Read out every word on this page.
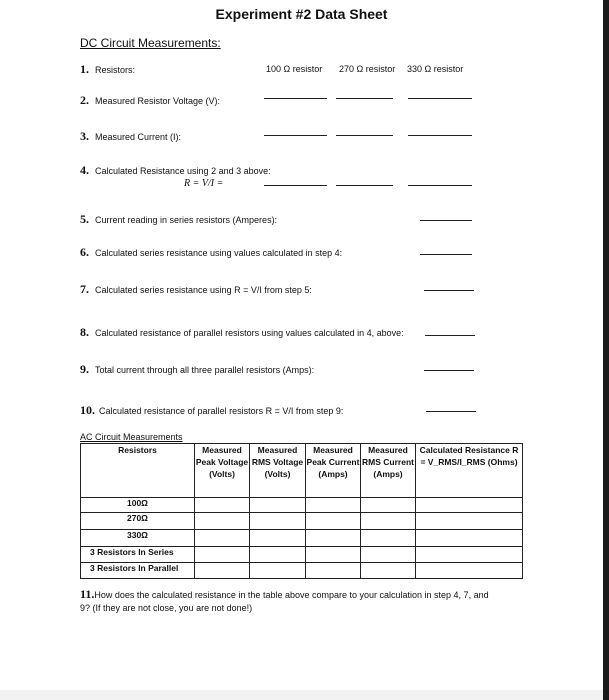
Experiment #2 Data Sheet
DC Circuit Measurements:
1. Resistors:	100 Ω resistor 270 Ω resistor 330 Ω resistor
2. Measured Resistor Voltage (V):
3. Measured Current (I):
4. Calculated Resistance using 2 and 3 above:
R = V/I =
5. Current reading in series resistors (Amperes):
6. Calculated series resistance using values calculated in step 4:
7. Calculated series resistance using R = V/I from step 5:
8. Calculated resistance of parallel resistors using values calculated in 4, above:
9. Total current through all three parallel resistors (Amps):
10. Calculated resistance of parallel resistors R = V/I from step 9:
AC Circuit Measurements
Resistors	Measured Peak Voltage (Volts)	Measured RMS Voltage (Volts)	Measured Peak Current (Amps)	Measured RMS Current (Amps)	Calculated Resistance R = V_RMS/I_RMS (Ohms)
100Ω					
270Ω					
330Ω					
3 Resistors In Series					
3 Resistors In Parallel					
11.How does the calculated resistance in the table above compare to your calculation in step 4, 7, and 9? (If they are not close, you are not done!)
